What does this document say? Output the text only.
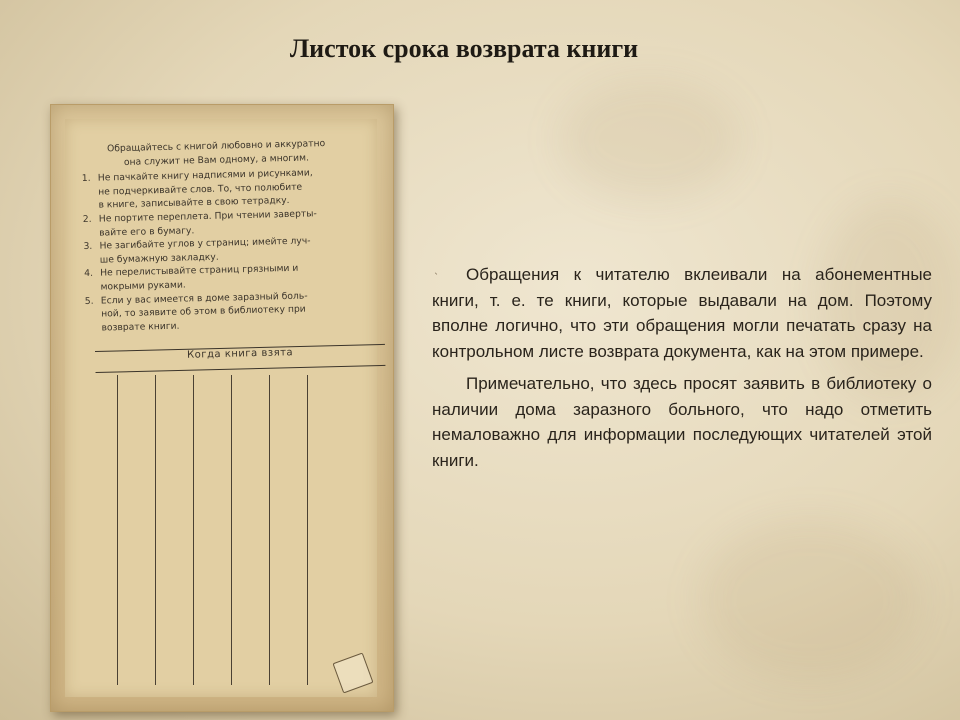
Листок срока возврата книги
Обращайтесь с книгой любовно и аккуратно
она служит не Вам одному, а многим.
1. Не пачкайте книгу надписями и рисунками,
не подчеркивайте слов. То, что полюбите
в книге, записывайте в свою тетрадку.
2. Не портите переплета. При чтении заверты-
вайте его в бумагу.
3. Не загибайте углов у страниц; имейте луч-
ше бумажную закладку.
4. Не перелистывайте страниц грязными и
мокрыми руками.
5. Если у вас имеется в доме заразный боль-
ной, то заявите об этом в библиотеку при
возврате книги.
Когда книга взята
ˎ	Обращения к читателю вклеивали на абонементные книги, т. е. те книги, которые выдавали на дом. Поэтому вполне логично, что эти обращения могли печатать сразу на контрольном листе возврата документа, как на этом примере.

Примечательно, что здесь просят заявить в библиотеку о наличии дома заразного больного, что надо отметить немаловажно для информации последующих читателей этой книги.
